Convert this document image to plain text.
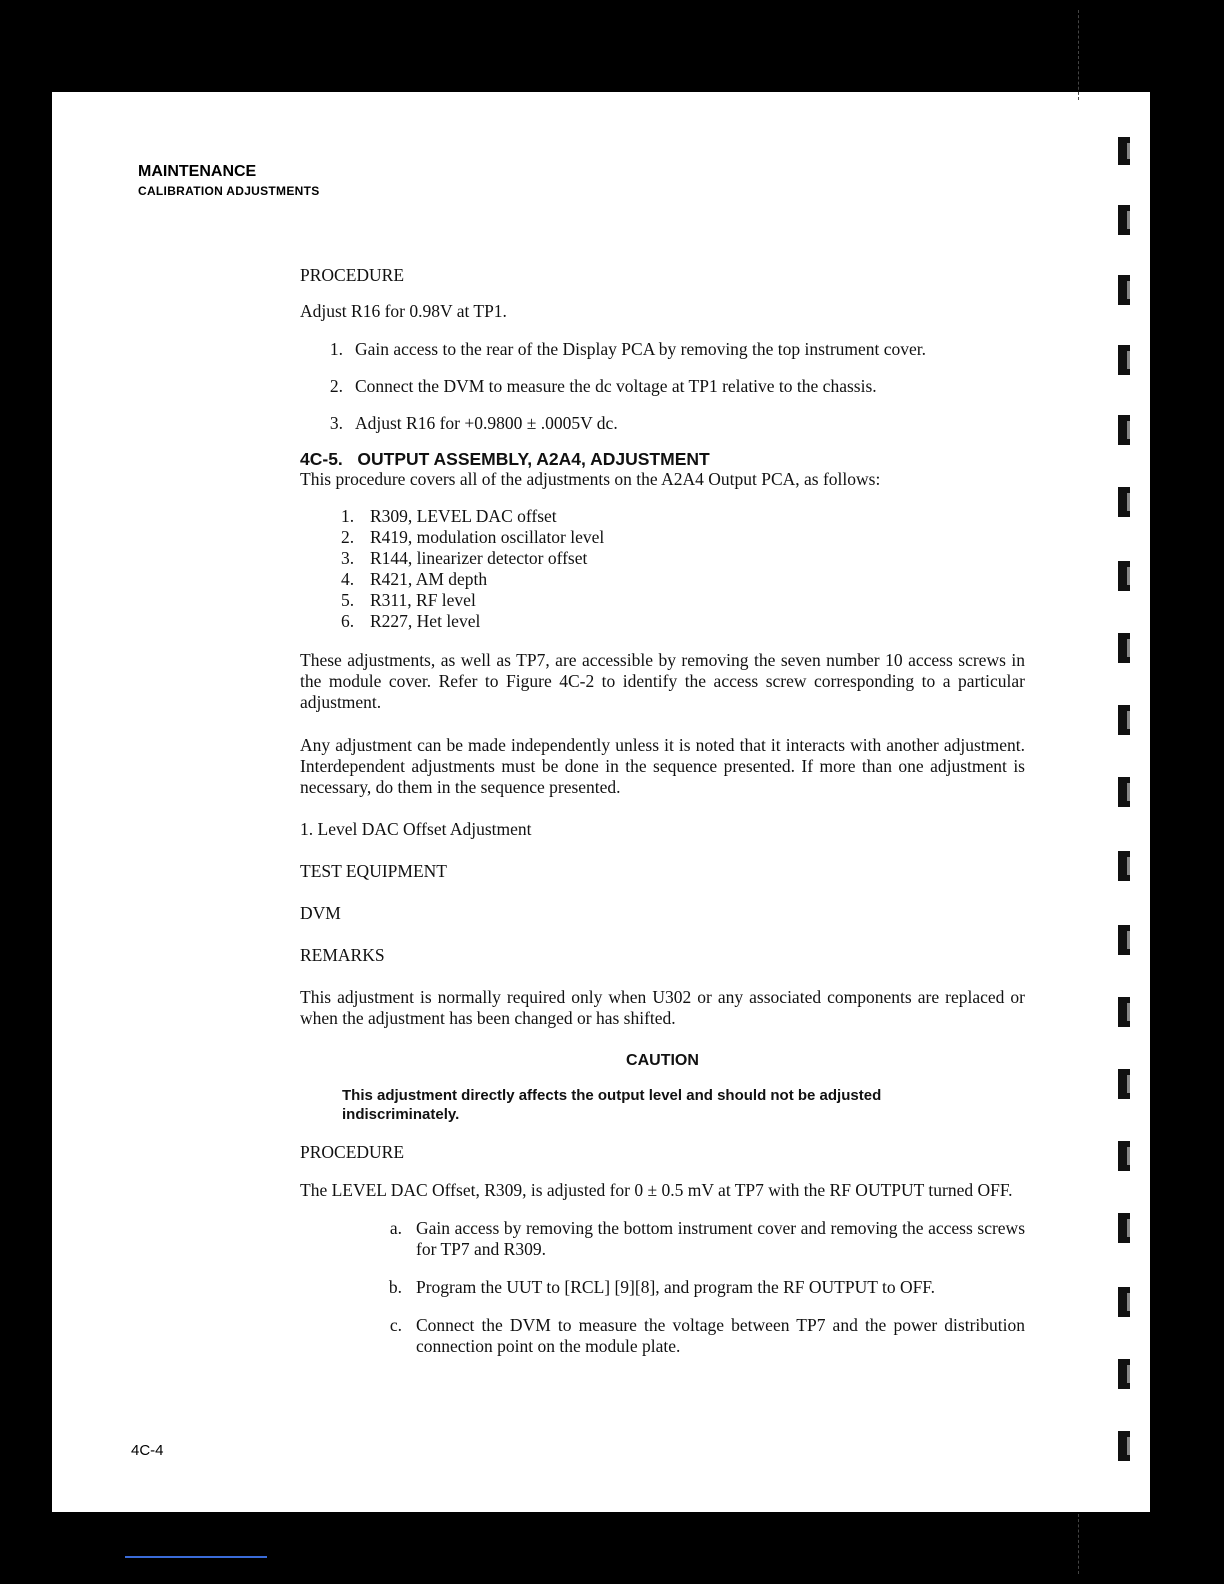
MAINTENANCE
CALIBRATION ADJUSTMENTS

PROCEDURE

Adjust R16 for 0.98V at TP1.

1. Gain access to the rear of the Display PCA by removing the top instrument cover.
2. Connect the DVM to measure the dc voltage at TP1 relative to the chassis.
3. Adjust R16 for +0.9800 ± .0005V dc.

4C-5.   OUTPUT ASSEMBLY, A2A4, ADJUSTMENT

This procedure covers all of the adjustments on the A2A4 Output PCA, as follows:

1. R309, LEVEL DAC offset
2. R419, modulation oscillator level
3. R144, linearizer detector offset
4. R421, AM depth
5. R311, RF level
6. R227, Het level

These adjustments, as well as TP7, are accessible by removing the seven number 10 access screws in the module cover. Refer to Figure 4C-2 to identify the access screw corresponding to a particular adjustment.

Any adjustment can be made independently unless it is noted that it interacts with another adjustment. Interdependent adjustments must be done in the sequence presented. If more than one adjustment is necessary, do them in the sequence presented.

1. Level DAC Offset Adjustment

TEST EQUIPMENT

DVM

REMARKS

This adjustment is normally required only when U302 or any associated components are replaced or when the adjustment has been changed or has shifted.

CAUTION

This adjustment directly affects the output level and should not be adjusted indiscriminately.

PROCEDURE

The LEVEL DAC Offset, R309, is adjusted for 0 ± 0.5 mV at TP7 with the RF OUTPUT turned OFF.

a. Gain access by removing the bottom instrument cover and removing the access screws for TP7 and R309.
b. Program the UUT to [RCL] [9][8], and program the RF OUTPUT to OFF.
c. Connect the DVM to measure the voltage between TP7 and the power distribution connection point on the module plate.
4C-4
